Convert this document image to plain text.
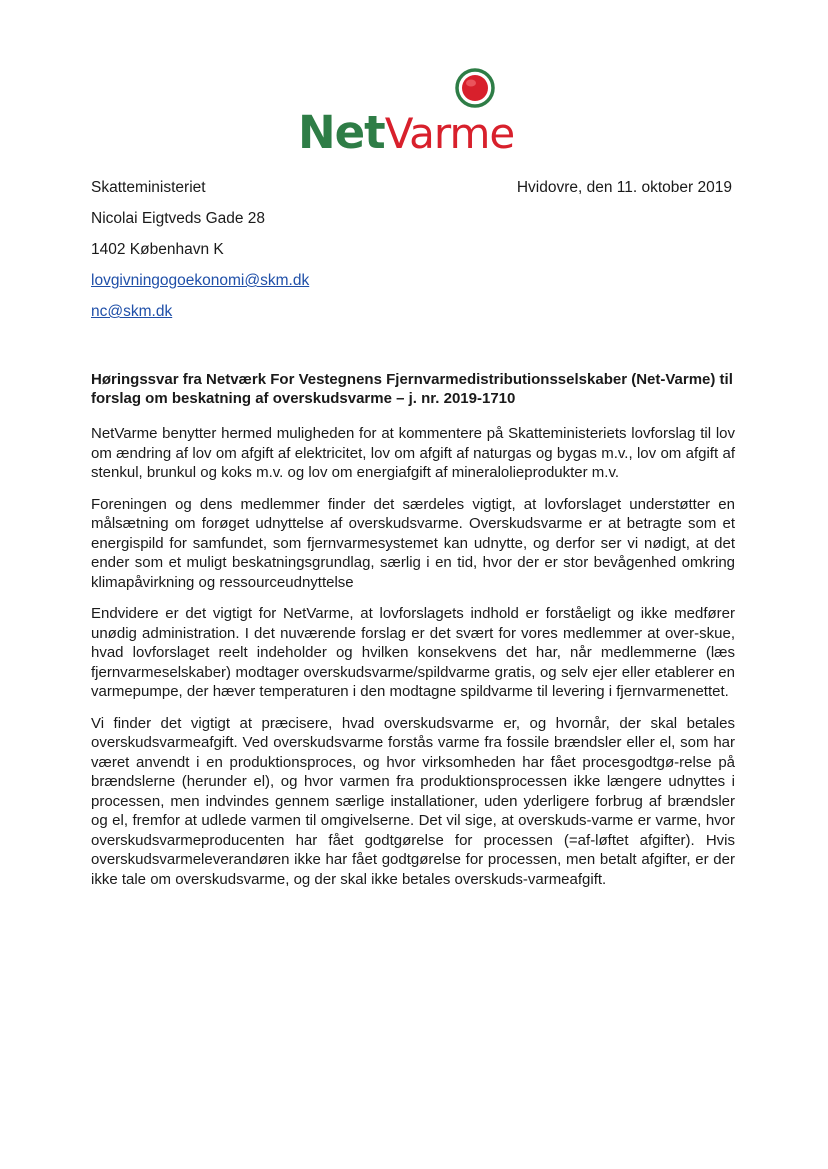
NetVarme
Skatteministeriet
Nicolai Eigtveds Gade 28
1402 København K
lovgivningogoekonomi@skm.dk
nc@skm.dk
Hvidovre, den 11. oktober 2019
Høringssvar fra Netværk For Vestegnens Fjernvarmedistributionsselskaber (Net-Varme) til forslag om beskatning af overskudsvarme – j. nr. 2019-1710

NetVarme benytter hermed muligheden for at kommentere på Skatteministeriets lovforslag til lov om ændring af lov om afgift af elektricitet, lov om afgift af naturgas og bygas m.v., lov om afgift af stenkul, brunkul og koks m.v. og lov om energiafgift af mineralolieprodukter m.v.

Foreningen og dens medlemmer finder det særdeles vigtigt, at lovforslaget understøtter en målsætning om forøget udnyttelse af overskudsvarme. Overskudsvarme er at betragte som et energispild for samfundet, som fjernvarmesystemet kan udnytte, og derfor ser vi nødigt, at det ender som et muligt beskatningsgrundlag, særlig i en tid, hvor der er stor bevågenhed omkring klimapåvirkning og ressourceudnyttelse

Endvidere er det vigtigt for NetVarme, at lovforslagets indhold er forståeligt og ikke medfører unødig administration. I det nuværende forslag er det svært for vores medlemmer at over-skue, hvad lovforslaget reelt indeholder og hvilken konsekvens det har, når medlemmerne (læs fjernvarmeselskaber) modtager overskudsvarme/spildvarme gratis, og selv ejer eller etablerer en varmepumpe, der hæver temperaturen i den modtagne spildvarme til levering i fjernvarmenettet.

Vi finder det vigtigt at præcisere, hvad overskudsvarme er, og hvornår, der skal betales overskudsvarmeafgift. Ved overskudsvarme forstås varme fra fossile brændsler eller el, som har været anvendt i en produktionsproces, og hvor virksomheden har fået procesgodtgø-relse på brændslerne (herunder el), og hvor varmen fra produktionsprocessen ikke længere udnyttes i processen, men indvindes gennem særlige installationer, uden yderligere forbrug af brændsler og el, fremfor at udlede varmen til omgivelserne. Det vil sige, at overskuds-varme er varme, hvor overskudsvarmeproducenten har fået godtgørelse for processen (=af-løftet afgifter). Hvis overskudsvarmeleverandøren ikke har fået godtgørelse for processen, men betalt afgifter, er der ikke tale om overskudsvarme, og der skal ikke betales overskuds-varmeafgift.
